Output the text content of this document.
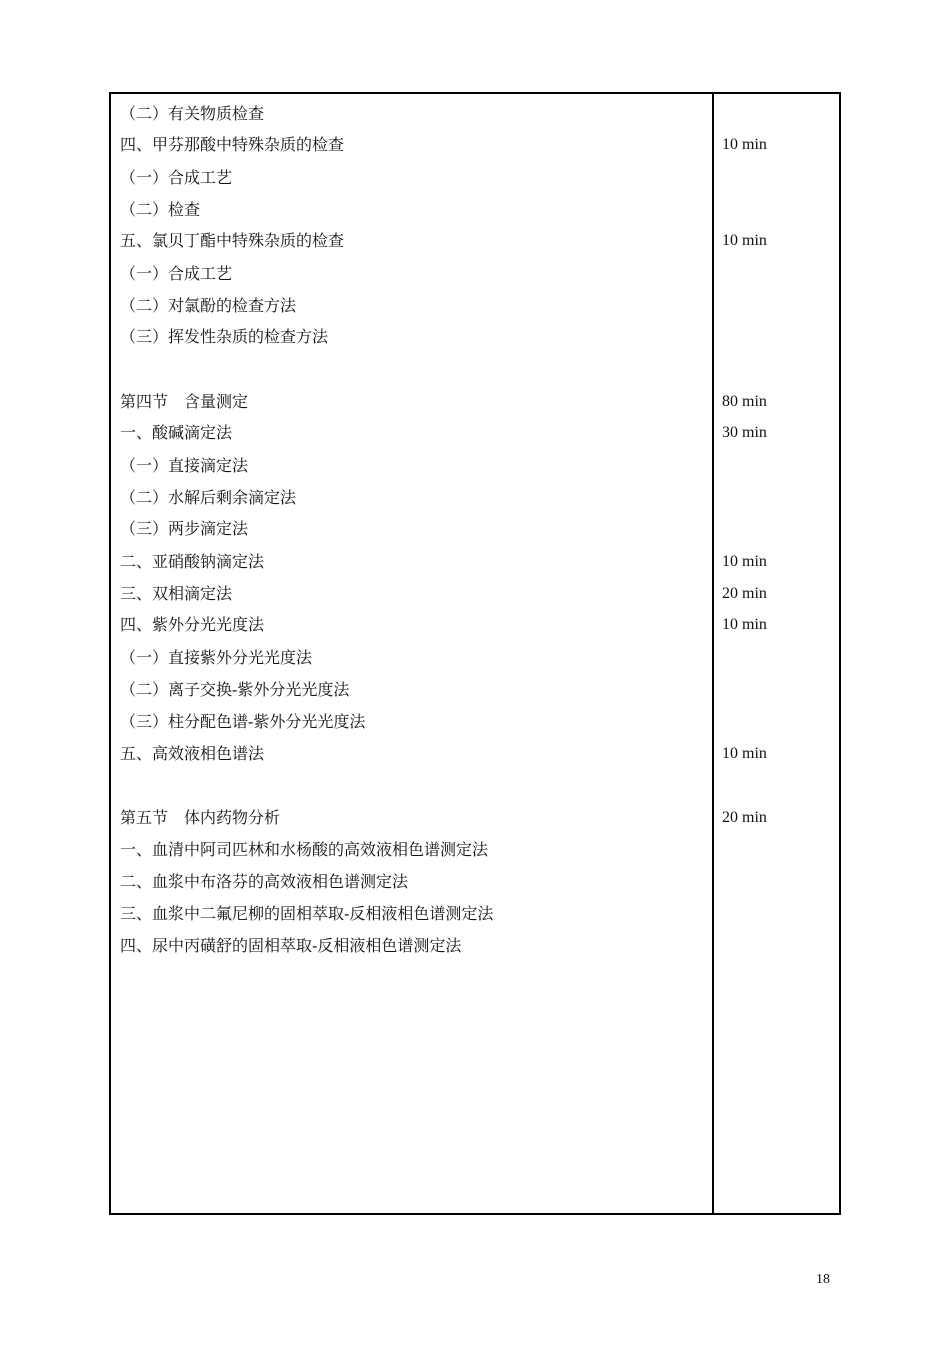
（二）有关物质检查
四、甲芬那酸中特殊杂质的检查	10 min
（一）合成工艺
（二）检查
五、氯贝丁酯中特殊杂质的检查	10 min
（一）合成工艺
（二）对氯酚的检查方法
（三）挥发性杂质的检查方法
第四节　含量测定	80 min
一、酸碱滴定法	30 min
（一）直接滴定法
（二）水解后剩余滴定法
（三）两步滴定法
二、亚硝酸钠滴定法	10 min
三、双相滴定法	20 min
四、紫外分光光度法	10 min
（一）直接紫外分光光度法
（二）离子交换-紫外分光光度法
（三）柱分配色谱-紫外分光光度法
五、高效液相色谱法	10 min
第五节　体内药物分析	20 min
一、血清中阿司匹林和水杨酸的高效液相色谱测定法
二、血浆中布洛芬的高效液相色谱测定法
三、血浆中二氟尼柳的固相萃取-反相液相色谱测定法
四、尿中丙磺舒的固相萃取-反相液相色谱测定法
18
